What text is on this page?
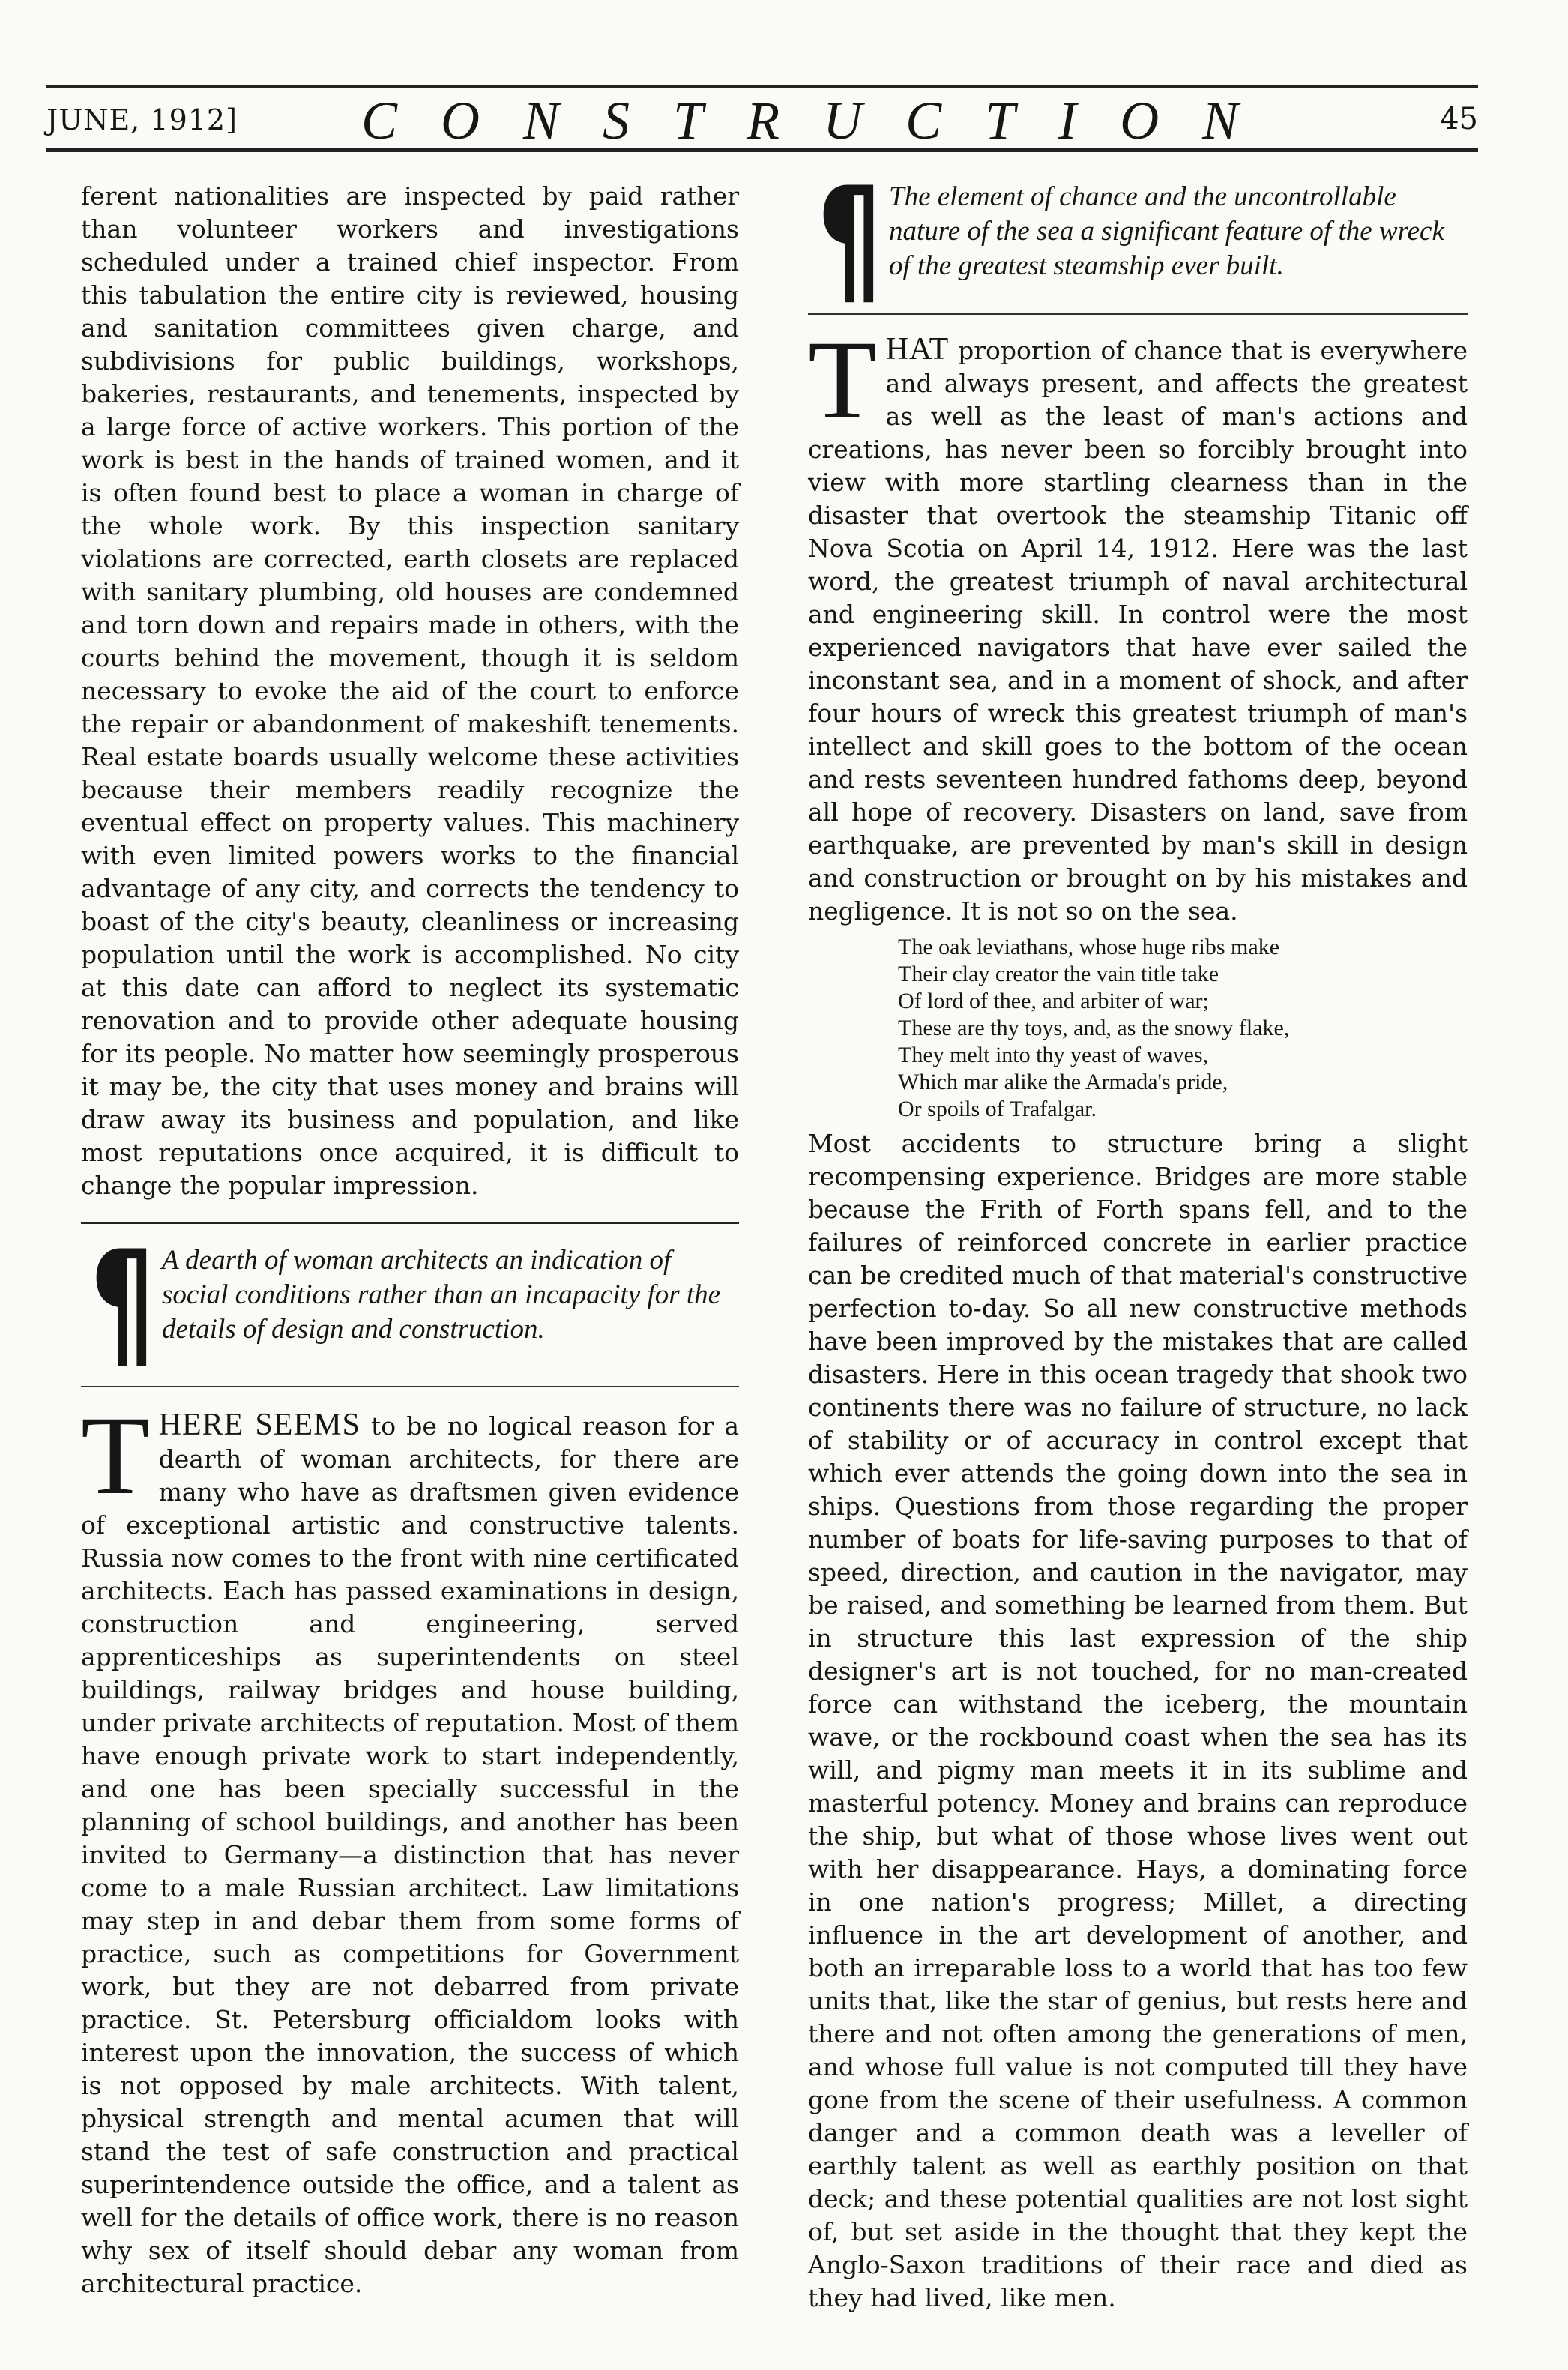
JUNE, 1912] CONSTRUCTION	45

ferent nationalities are inspected by paid rather than volunteer workers and investigations scheduled under a trained chief inspector. From this tabulation the entire city is reviewed, housing and sanitation committees given charge, and subdivisions for public buildings, workshops, bakeries, restaurants, and tenements, inspected by a large force of active workers. This portion of the work is best in the hands of trained women, and it is often found best to place a woman in charge of the whole work. By this inspection sanitary violations are corrected, earth closets are replaced with sanitary plumbing, old houses are condemned and torn down and repairs made in others, with the courts behind the movement, though it is seldom necessary to evoke the aid of the court to enforce the repair or abandonment of makeshift tenements. Real estate boards usually welcome these activities because their members readily recognize the eventual effect on property values. This machinery with even limited powers works to the financial advantage of any city, and corrects the tendency to boast of the city's beauty, cleanliness or increasing population until the work is accomplished. No city at this date can afford to neglect its systematic renovation and to provide other adequate housing for its people. No matter how seemingly prosperous it may be, the city that uses money and brains will draw away its business and population, and like most reputations once acquired, it is difficult to change the popular impression.

¶ A dearth of woman architects an indication of social conditions rather than an incapacity for the details of design and construction.

THERE SEEMS to be no logical reason for a dearth of woman architects, for there are many who have as draftsmen given evidence of exceptional artistic and constructive talents. Russia now comes to the front with nine certificated architects. Each has passed examinations in design, construction and engineering, served apprenticeships as superintendents on steel buildings, railway bridges and house building, under private architects of reputation. Most of them have enough private work to start independently, and one has been specially successful in the planning of school buildings, and another has been invited to Germany—a distinction that has never come to a male Russian architect. Law limitations may step in and debar them from some forms of practice, such as competitions for Government work, but they are not debarred from private practice. St. Petersburg officialdom looks with interest upon the innovation, the success of which is not opposed by male architects. With talent, physical strength and mental acumen that will stand the test of safe construction and practical superintendence outside the office, and a talent as well for the details of office work, there is no reason why sex of itself should debar any woman from architectural practice.

¶ The element of chance and the uncontrollable nature of the sea a significant feature of the wreck of the greatest steamship ever built.

THAT proportion of chance that is everywhere and always present, and affects the greatest as well as the least of man's actions and creations, has never been so forcibly brought into view with more startling clearness than in the disaster that overtook the steamship Titanic off Nova Scotia on April 14, 1912. Here was the last word, the greatest triumph of naval architectural and engineering skill. In control were the most experienced navigators that have ever sailed the inconstant sea, and in a moment of shock, and after four hours of wreck this greatest triumph of man's intellect and skill goes to the bottom of the ocean and rests seventeen hundred fathoms deep, beyond all hope of recovery. Disasters on land, save from earthquake, are prevented by man's skill in design and construction or brought on by his mistakes and negligence. It is not so on the sea.

The oak leviathans, whose huge ribs make
Their clay creator the vain title take
Of lord of thee, and arbiter of war;
These are thy toys, and, as the snowy flake,
They melt into thy yeast of waves,
Which mar alike the Armada's pride,
Or spoils of Trafalgar.

Most accidents to structure bring a slight recompensing experience. Bridges are more stable because the Frith of Forth spans fell, and to the failures of reinforced concrete in earlier practice can be credited much of that material's constructive perfection to-day. So all new constructive methods have been improved by the mistakes that are called disasters. Here in this ocean tragedy that shook two continents there was no failure of structure, no lack of stability or of accuracy in control except that which ever attends the going down into the sea in ships. Questions from those regarding the proper number of boats for life-saving purposes to that of speed, direction, and caution in the navigator, may be raised, and something be learned from them. But in structure this last expression of the ship designer's art is not touched, for no man-created force can withstand the iceberg, the mountain wave, or the rockbound coast when the sea has its will, and pigmy man meets it in its sublime and masterful potency. Money and brains can reproduce the ship, but what of those whose lives went out with her disappearance. Hays, a dominating force in one nation's progress; Millet, a directing influence in the art development of another, and both an irreparable loss to a world that has too few units that, like the star of genius, but rests here and there and not often among the generations of men, and whose full value is not computed till they have gone from the scene of their usefulness. A common danger and a common death was a leveller of earthly talent as well as earthly position on that deck; and these potential qualities are not lost sight of, but set aside in the thought that they kept the Anglo-Saxon traditions of their race and died as they had lived, like men.
